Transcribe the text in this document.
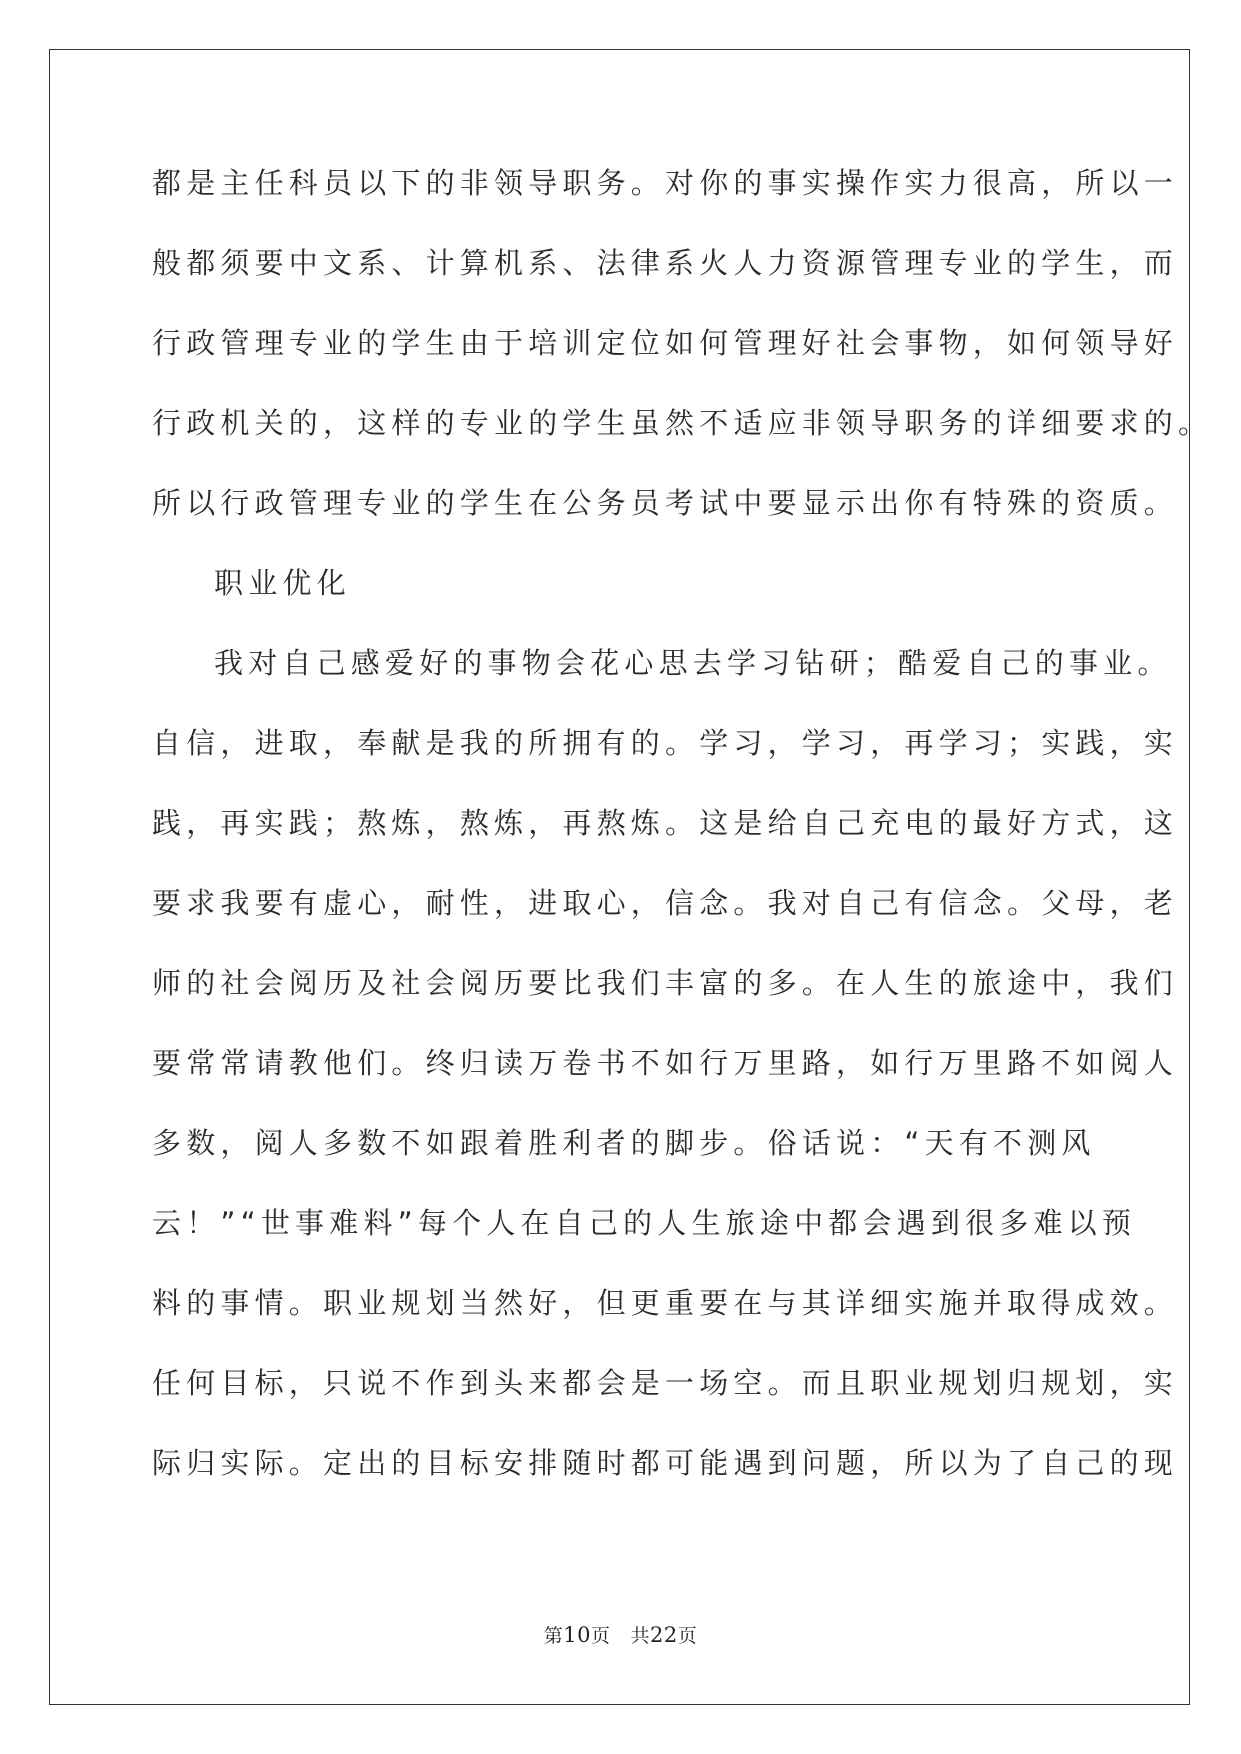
都是主任科员以下的非领导职务。对你的事实操作实力很高，所以一
般都须要中文系、计算机系、法律系火人力资源管理专业的学生，而
行政管理专业的学生由于培训定位如何管理好社会事物，如何领导好
行政机关的，这样的专业的学生虽然不适应非领导职务的详细要求的。
所以行政管理专业的学生在公务员考试中要显示出你有特殊的资质。
职业优化
我对自己感爱好的事物会花心思去学习钻研；酷爱自己的事业。
自信，进取，奉献是我的所拥有的。学习，学习，再学习；实践，实
践，再实践；熬炼，熬炼，再熬炼。这是给自己充电的最好方式，这
要求我要有虚心，耐性，进取心，信念。我对自己有信念。父母，老
师的社会阅历及社会阅历要比我们丰富的多。在人生的旅途中，我们
要常常请教他们。终归读万卷书不如行万里路，如行万里路不如阅人
多数，阅人多数不如跟着胜利者的脚步。俗话说：“天有不测风
云！”“世事难料”每个人在自己的人生旅途中都会遇到很多难以预
料的事情。职业规划当然好，但更重要在与其详细实施并取得成效。
任何目标，只说不作到头来都会是一场空。而且职业规划归规划，实
际归实际。定出的目标安排随时都可能遇到问题，所以为了自己的现
第10页 共22页
